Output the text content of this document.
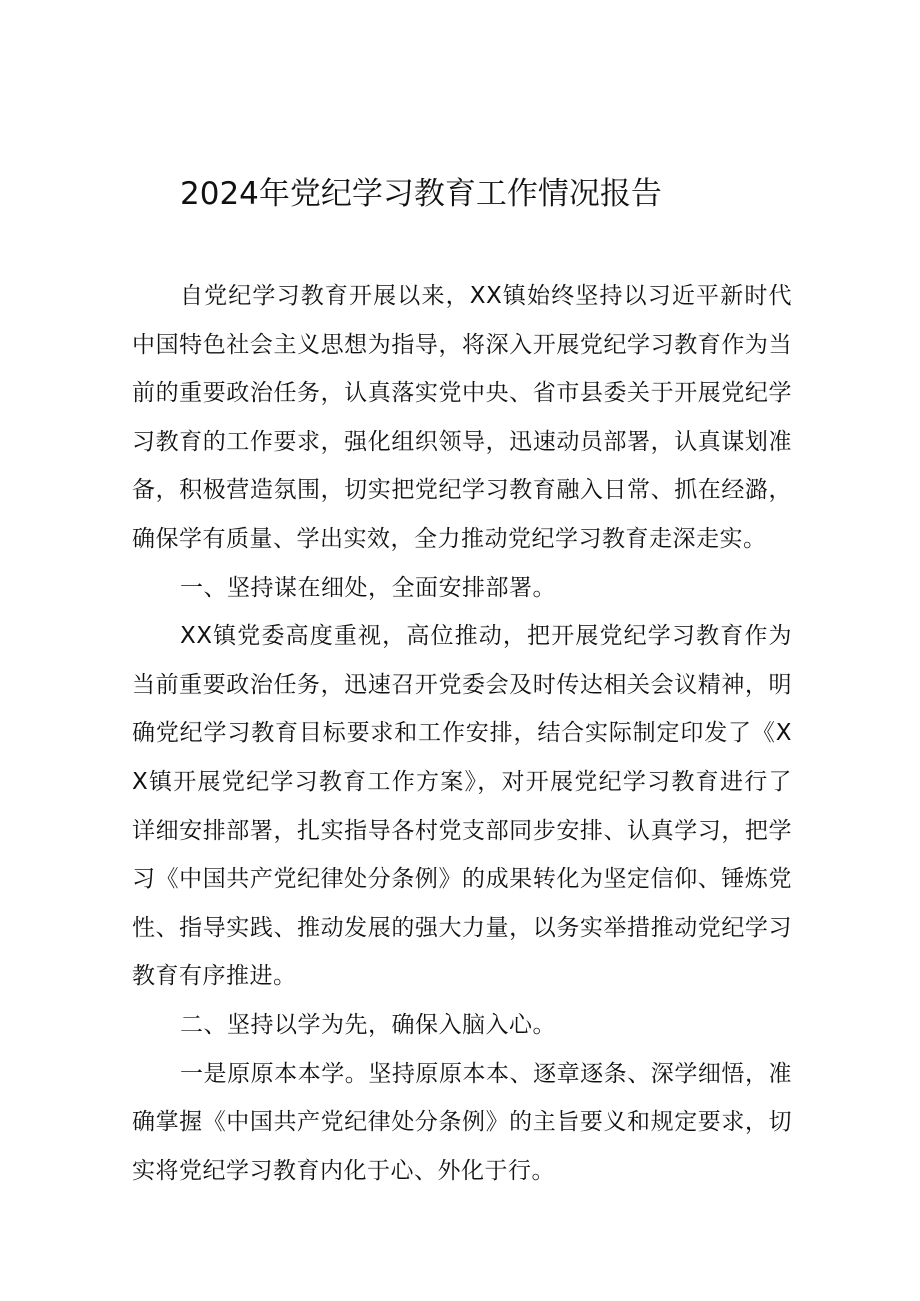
2024年党纪学习教育工作情况报告

自党纪学习教育开展以来，XX镇始终坚持以习近平新时代中国特色社会主义思想为指导，将深入开展党纪学习教育作为当前的重要政治任务，认真落实党中央、省市县委关于开展党纪学习教育的工作要求，强化组织领导，迅速动员部署，认真谋划准备，积极营造氛围，切实把党纪学习教育融入日常、抓在经潞，确保学有质量、学出实效，全力推动党纪学习教育走深走实。

一、坚持谋在细处，全面安排部署。

XX镇党委高度重视，高位推动，把开展党纪学习教育作为当前重要政治任务，迅速召开党委会及时传达相关会议精神，明确党纪学习教育目标要求和工作安排，结合实际制定印发了《XX镇开展党纪学习教育工作方案》，对开展党纪学习教育进行了详细安排部署，扎实指导各村党支部同步安排、认真学习，把学习《中国共产党纪律处分条例》的成果转化为坚定信仰、锤炼党性、指导实践、推动发展的强大力量，以务实举措推动党纪学习教育有序推进。

二、坚持以学为先，确保入脑入心。

一是原原本本学。坚持原原本本、逐章逐条、深学细悟，准确掌握《中国共产党纪律处分条例》的主旨要义和规定要求，切实将党纪学习教育内化于心、外化于行。
